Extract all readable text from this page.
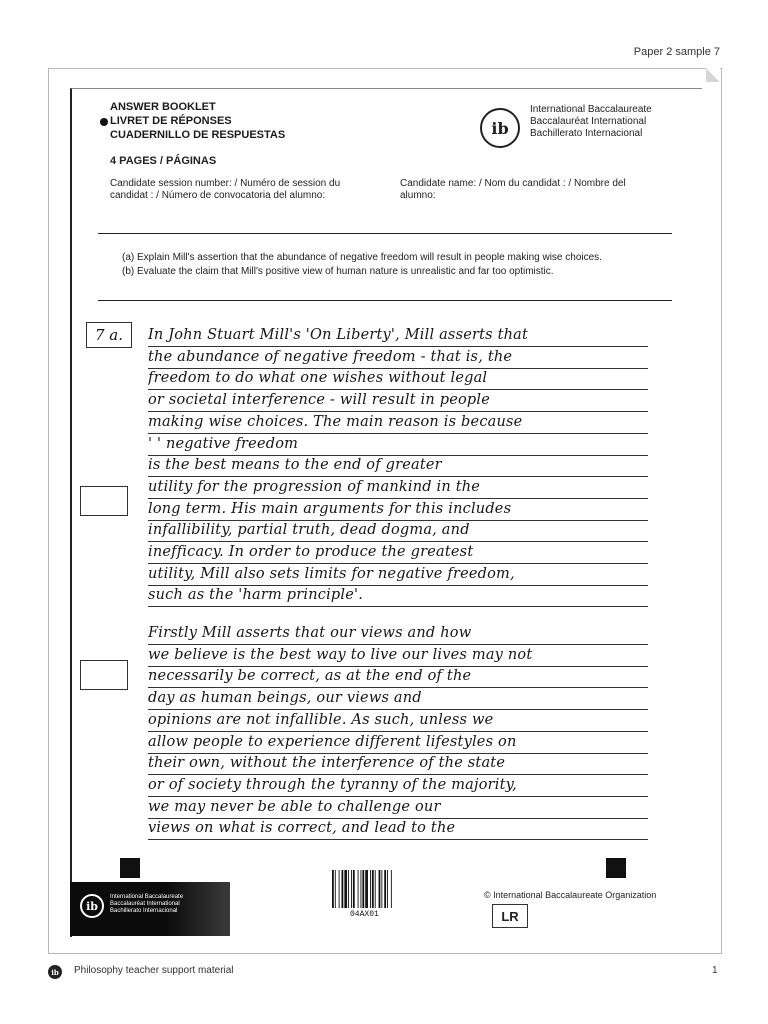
Paper 2 sample 7
ANSWER BOOKLET
LIVRET DE RÉPONSES
CUADERNILLO DE RESPUESTAS
4 PAGES / PÁGINAS
ib
International Baccalaureate
Baccalauréat International
Bachillerato Internacional
Candidate session number: / Numéro de session du candidat : / Número de convocatoria del alumno:
Candidate name: / Nom du candidat : / Nombre del alumno:
(a) Explain Mill's assertion that the abundance of negative freedom will result in people making wise choices.
(b) Evaluate the claim that Mill's positive view of human nature is unrealistic and far too optimistic.
7 a.	In John Stuart Mill's 'On Liberty', Mill asserts that
the abundance of negative freedom - that is, the
freedom to do what one wishes without legal
or societal interference - will result in people
making wise choices. The main reason is because
' ' negative freedom
is the best means to the end of greater
utility for the progression of mankind in the
long term. His main arguments for this includes
infallibility, partial truth, dead dogma, and
inefficacy. In order to produce the greatest
utility, Mill also sets limits for negative freedom,
such as the 'harm principle'.
Firstly Mill asserts that our views and how
we believe is the best way to live our lives may not
necessarily be correct, as at the end of the
day as human beings, our views and
opinions are not infallible. As such, unless we
allow people to experience different lifestyles on
their own, without the interference of the state
or of society through the tyranny of the majority,
we may never be able to challenge our
views on what is correct, and lead to the
ib
International Baccalaureate
Baccalauréat International
Bachillerato Internacional	04AX01
© International Baccalaureate Organization
LR
ib	Philosophy teacher support material	1
